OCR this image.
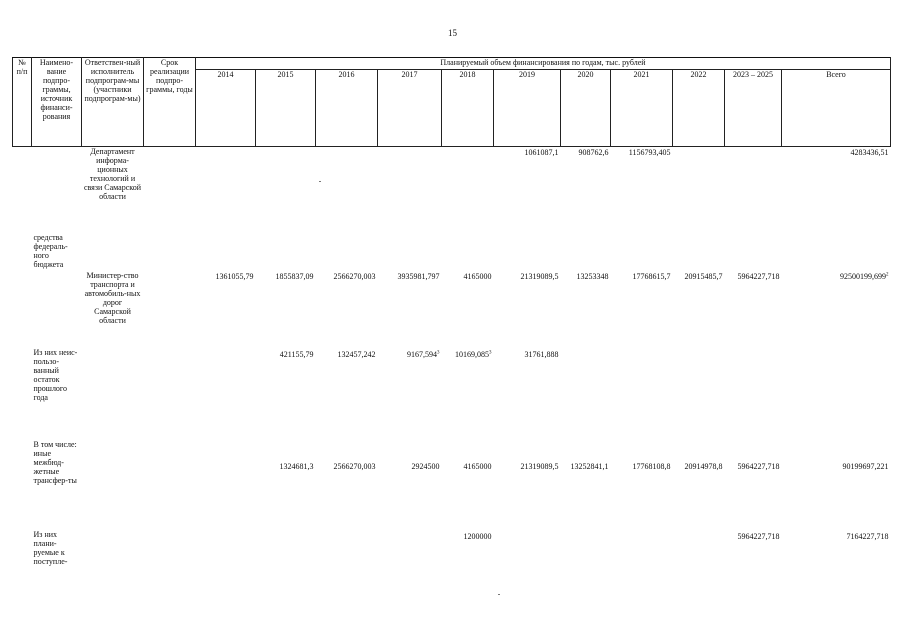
15
№ п/п	Наимено-вание подпро-граммы, источник финанси-рования	Ответствен-ный исполнитель подпрограм-мы (участники подпрограм-мы)	Срок реализации подпро-граммы, годы	Планируемый объем финансирования по годам, тыс. рублей										
				2014	2015	2016	2017	2018	2019	2020	2021	2022	2023 – 2025	Всего
		Департамент информа-ционных технологий и связи Самарской области							1061087,1	908762,6	1156793,405			4283436,51
	средства федераль-ного бюджета													
		Министер-ство транспорта и автомобиль-ных дорог Самарской области		1361055,79	1855837,09	2566270,003	3935981,797	4165000	21319089,5	13253348	17768615,7	20915485,7	5964227,718	92500199,699$^2$
	Из них неис-пользо-ванный остаток прошлого года				421155,79	132457,242	9167,594$^3$	10169,085$^3$	31761,888					
	В том числе: иные межбюд-жетные трансфер-ты				1324681,3	2566270,003	2924500	4165000	21319089,5	13252841,1	17768108,8	20914978,8	5964227,718	90199697,221
	Из них плани-руемые к поступле-							1200000					5964227,718	7164227,718
